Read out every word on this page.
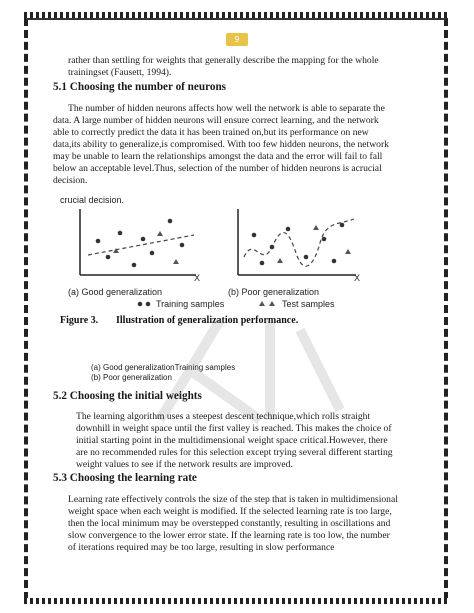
9
rather than settling for weights that generally describe the mapping for the whole
trainingset (Fausett, 1994).
5.1 Choosing the number of neurons
The number of hidden neurons affects how well the network is able to separate the
data. A large number of hidden neurons will ensure correct learning, and the network
able to correctly predict the data it has been trained on,but its performance on new
data,its ability to generalize,is compromised. With too few hidden neurons, the network
may be unable to learn the relationships amongst the data and the error will fail to fall
below an acceptable level.Thus, selection of the number of hidden neurons is acrucial
decision.
crucial decision.
X	X
(a) Good generalization	(b) Poor generalization
Training samples	Test samples
Figure 3. Illustration of generalization performance.
(a) Good generalizationTraining samples
(b) Poor generalization
5.2 Choosing the initial weights
The learning algorithm uses a steepest descent technique,which rolls straight
downhill in weight space until the first valley is reached. This makes the choice of
initial starting point in the multidimensional weight space critical.However, there
are no recommended rules for this selection except trying several different starting
weight values to see if the network results are improved.
5.3 Choosing the learning rate
Learning rate effectively controls the size of the step that is taken in multidimensional
weight space when each weight is modified. If the selected learning rate is too large,
then the local minimum may be overstepped constantly, resulting in oscillations and
slow convergence to the lower error state. If the learning rate is too low, the number
of iterations required may be too large, resulting in slow performance
